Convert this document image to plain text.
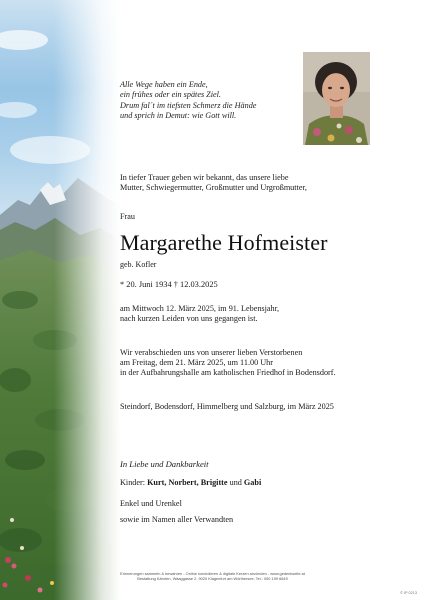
Alle Wege haben ein Ende,
ein frühes oder ein spätes Ziel.
Drum fal´t im tiefsten Schmerz die Hände
und sprich in Demut: wie Gott will.
In tiefer Trauer geben wir bekannt, das unsere liebe
Mutter, Schwiegermutter, Großmutter und Urgroßmutter,
Frau
Margarethe Hofmeister
geb. Kofler
* 20. Juni 1934 † 12.03.2025
am Mittwoch 12. März 2025, im 91. Lebensjahr,
nach kurzen Leiden von uns gegangen ist.
Wir verabschieden uns von unserer lieben Verstorbenen
am Freitag, dem 21. März 2025, um 11.00 Uhr
in der Aufbahrungshalle am katholischen Friedhof in Bodensdorf.
Steindorf, Bodensdorf, Himmelberg und Salzburg, im März 2025
In Liebe und Dankbarkeit
Kinder: Kurt, Norbert, Brigitte und Gabi
Enkel und Urenkel
sowie im Namen aller Verwandten
Erinnerungen sammeln & bewahren - Online kondolieren & digitale Kerzen anzünden - www.gedenkseite.at
Bestattung Kärnten, Waaggasse 2, 9020 Klagenfurt am Wörthersee, Tel.: 050 199 6649
© IP 0213
